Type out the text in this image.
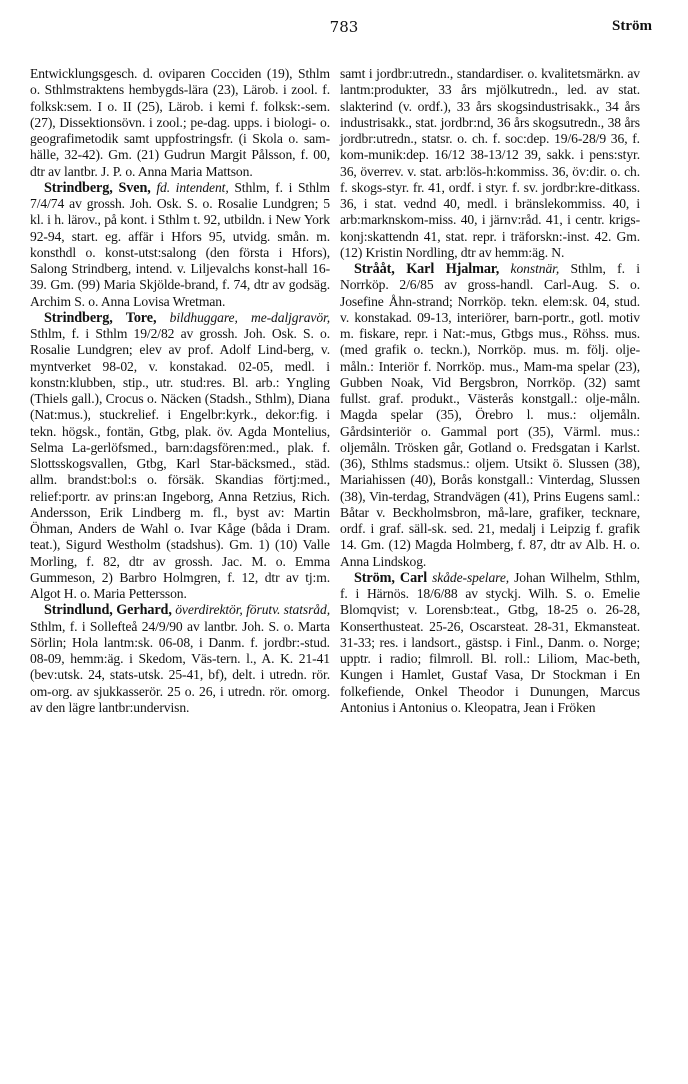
783	Ström

Entwicklungsgesch. d. oviparen Cocciden (19), Sthlm o. Sthlmstraktens hembygds-lära (23), Lärob. i zool. f. folksk:sem. I o. II (25), Lärob. i kemi f. folksk:-sem. (27), Dissektionsövn. i zool.; pe-dag. upps. i biologi- o. geografimetodik samt uppfostringsfr. (i Skola o. sam-hälle, 32-42). Gm. (21) Gudrun Margit Pålsson, f. 00, dtr av lantbr. J. P. o. Anna Maria Mattson.

Strindberg, Sven, fd. intendent, Sthlm, f. i Sthlm 7/4/74 av grossh. Joh. Osk. S. o. Rosalie Lundgren; 5 kl. i h. lärov., på kont. i Sthlm t. 92, utbildn. i New York 92-94, start. eg. affär i Hfors 95, utvidg. smån. m. konsthdl o. konst-utst:salong (den första i Hfors), Salong Strindberg, intend. v. Liljevalchs konst-hall 16-39. Gm. (99) Maria Skjölde-brand, f. 74, dtr av godsäg. Archim S. o. Anna Lovisa Wretman.

Strindberg, Tore, bildhuggare, me-daljgravör, Sthlm, f. i Sthlm 19/2/82 av grossh. Joh. Osk. S. o. Rosalie Lundgren; elev av prof. Adolf Lind-berg, v. myntverket 98-02, v. konstakad. 02-05, medl. i konstn:klubben, stip., utr. stud:res. Bl. arb.: Yngling (Thiels gall.), Crocus o. Näcken (Stadsh., Sthlm), Diana (Nat:mus.), stuckrelief. i Engelbr:kyrk., dekor:fig. i tekn. högsk., fontän, Gtbg, plak. öv. Agda Montelius, Selma La-gerlöfsmed., barn:dagsfören:med., plak. f. Slottsskogsvallen, Gtbg, Karl Star-bäcksmed., städ. allm. brandst:bol:s o. försäk. Skandias förtj:med., relief:portr. av prins:an Ingeborg, Anna Retzius, Rich. Andersson, Erik Lindberg m. fl., byst av: Martin Öhman, Anders de Wahl o. Ivar Kåge (båda i Dram. teat.), Sigurd Westholm (stadshus). Gm. 1) (10) Valle Morling, f. 82, dtr av grossh. Jac. M. o. Emma Gummeson, 2) Barbro Holmgren, f. 12, dtr av tj:m. Algot H. o. Maria Pettersson.

Strindlund, Gerhard, överdirektör, förutv. statsråd, Sthlm, f. i Sollefteå 24/9/90 av lantbr. Joh. S. o. Marta Sörlin; Hola lantm:sk. 06-08, i Danm. f. jordbr:-stud. 08-09, hemm:äg. i Skedom, Väs-tern. l., A. K. 21-41 (bev:utsk. 24, stats-utsk. 25-41, bf), delt. i utredn. rör. om-org. av sjukkasserör. 25 o. 26, i utredn. rör. omorg. av den lägre lantbr:undervisn.

samt i jordbr:utredn., standardiser. o. kvalitetsmärkn. av lantm:produkter, 33 års mjölkutredn., led. av stat. slakterind (v. ordf.), 33 års skogsindustrisakk., 34 års industrisakk., stat. jordbr:nd, 36 års skogsutredn., 38 års jordbr:utredn., statsr. o. ch. f. soc:dep. 19/6-28/9 36, f. kom-munik:dep. 16/12 38-13/12 39, sakk. i pens:styr. 36, överrev. v. stat. arb:lös-h:kommiss. 36, öv:dir. o. ch. f. skogs-styr. fr. 41, ordf. i styr. f. sv. jordbr:kre-ditkass. 36, i stat. vednd 40, medl. i bränslekommiss. 40, i arb:marknskom-miss. 40, i järnv:råd. 41, i centr. krigs-konj:skattendn 41, stat. repr. i träforskn:-inst. 42. Gm. (12) Kristin Nordling, dtr av hemm:äg. N.

Strååt, Karl Hjalmar, konstnär, Sthlm, f. i Norrköp. 2/6/85 av gross-handl. Carl-Aug. S. o. Josefine Åhn-strand; Norrköp. tekn. elem:sk. 04, stud. v. konstakad. 09-13, interiörer, barn-portr., gotl. motiv m. fiskare, repr. i Nat:-mus, Gtbgs mus., Röhss. mus. (med grafik o. teckn.), Norrköp. mus. m. följ. olje-måln.: Interiör f. Norrköp. mus., Mam-ma spelar (23), Gubben Noak, Vid Bergsbron, Norrköp. (32) samt fullst. graf. produkt., Västerås konstgall.: olje-måln. Magda spelar (35), Örebro l. mus.: oljemåln. Gårdsinteriör o. Gammal port (35), Värml. mus.: oljemåln. Trösken går, Gotland o. Fredsgatan i Karlst. (36), Sthlms stadsmus.: oljem. Utsikt ö. Slussen (38), Mariahissen (40), Borås konstgall.: Vinterdag, Slussen (38), Vin-terdag, Strandvägen (41), Prins Eugens saml.: Båtar v. Beckholmsbron, må-lare, grafiker, tecknare, ordf. i graf. säll-sk. sed. 21, medalj i Leipzig f. grafik 14. Gm. (12) Magda Holmberg, f. 87, dtr av Alb. H. o. Anna Lindskog.

Ström, Carl skåde-spelare, Johan Wilhelm, Sthlm, f. i Härnös. 18/6/88 av styckj. Wilh. S. o. Emelie Blomqvist; v. Lorensb:teat., Gtbg, 18-25 o. 26-28, Konserthusteat. 25-26, Oscarsteat. 28-31, Ekmansteat. 31-33; res. i landsort., gästsp. i Finl., Danm. o. Norge; upptr. i radio; filmroll. Bl. roll.: Liliom, Mac-beth, Kungen i Hamlet, Gustaf Vasa, Dr Stockman i En folkefiende, Onkel Theodor i Dunungen, Marcus Antonius i Antonius o. Kleopatra, Jean i Fröken
